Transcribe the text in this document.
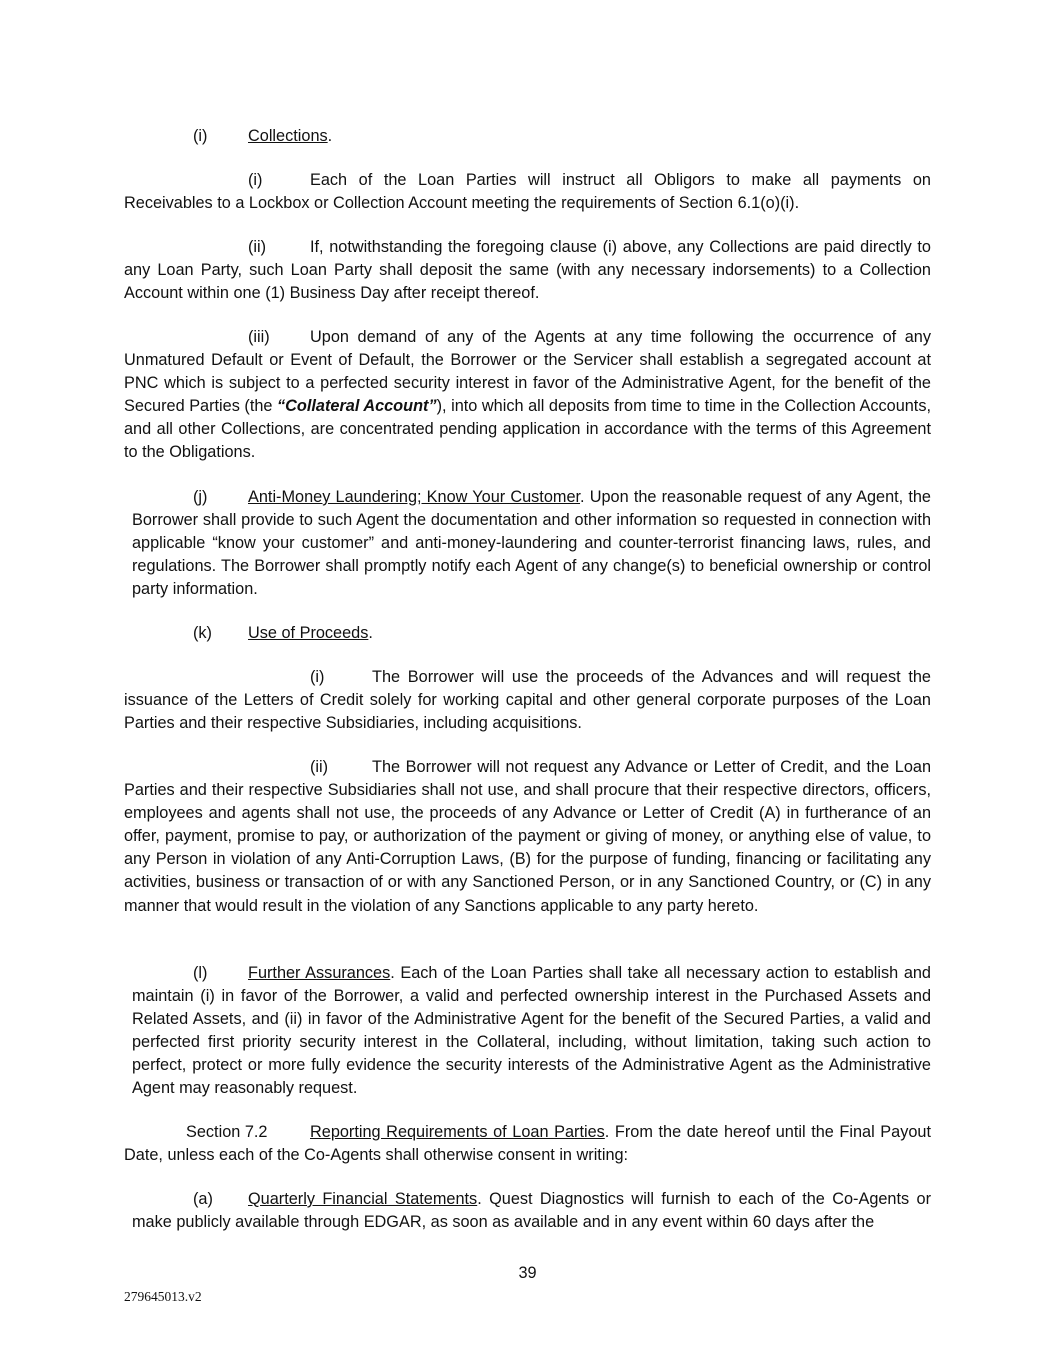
(i) Collections.
(i)	Each of the Loan Parties will instruct all Obligors to make all payments on Receivables to a Lockbox or Collection Account meeting the requirements of Section 6.1(o)(i).
(ii)	If, notwithstanding the foregoing clause (i) above, any Collections are paid directly to any Loan Party, such Loan Party shall deposit the same (with any necessary indorsements) to a Collection Account within one (1) Business Day after receipt thereof.
(iii) Upon demand of any of the Agents at any time following the occurrence of any Unmatured Default or Event of Default, the Borrower or the Servicer shall establish a segregated account at PNC which is subject to a perfected security interest in favor of the Administrative Agent, for the benefit of the Secured Parties (the “Collateral Account”), into which all deposits from time to time in the Collection Accounts, and all other Collections, are concentrated pending application in accordance with the terms of this Agreement to the Obligations.
(j) Anti-Money Laundering; Know Your Customer. Upon the reasonable request of any Agent, the Borrower shall provide to such Agent the documentation and other information so requested in connection with applicable “know your customer” and anti-money-laundering and counter-terrorist financing laws, rules, and regulations. The Borrower shall promptly notify each Agent of any change(s) to beneficial ownership or control party information.
(k) Use of Proceeds.
(i)	The Borrower will use the proceeds of the Advances and will request the issuance of the Letters of Credit solely for working capital and other general corporate purposes of the Loan Parties and their respective Subsidiaries, including acquisitions.
(ii)	The Borrower will not request any Advance or Letter of Credit, and the Loan Parties and their respective Subsidiaries shall not use, and shall procure that their respective directors, officers, employees and agents shall not use, the proceeds of any Advance or Letter of Credit (A) in furtherance of an offer, payment, promise to pay, or authorization of the payment or giving of money, or anything else of value, to any Person in violation of any Anti-Corruption Laws, (B) for the purpose of funding, financing or facilitating any activities, business or transaction of or with any Sanctioned Person, or in any Sanctioned Country, or (C) in any manner that would result in the violation of any Sanctions applicable to any party hereto.
(l) Further Assurances. Each of the Loan Parties shall take all necessary action to establish and maintain (i) in favor of the Borrower, a valid and perfected ownership interest in the Purchased Assets and Related Assets, and (ii) in favor of the Administrative Agent for the benefit of the Secured Parties, a valid and perfected first priority security interest in the Collateral, including, without limitation, taking such action to perfect, protect or more fully evidence the security interests of the Administrative Agent as the Administrative Agent may reasonably request.
Section 7.2	Reporting Requirements of Loan Parties. From the date hereof until the Final Payout Date, unless each of the Co-Agents shall otherwise consent in writing:
(a) Quarterly Financial Statements. Quest Diagnostics will furnish to each of the Co-Agents or make publicly available through EDGAR, as soon as available and in any event within 60 days after the
39
279645013.v2
